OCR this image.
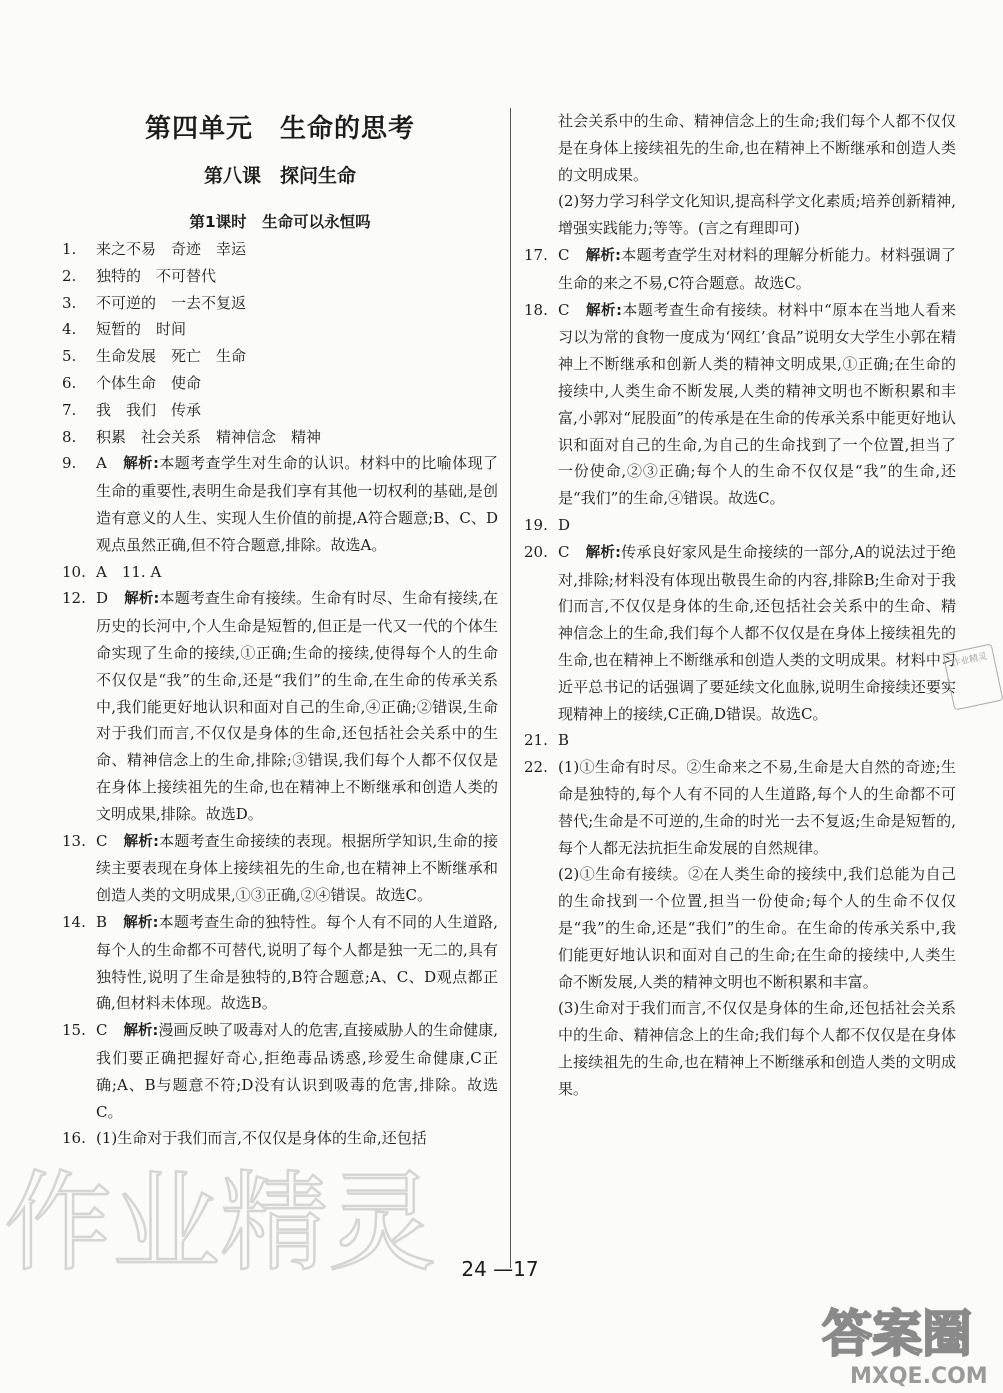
第四单元　生命的思考
第八课　探问生命
第1课时　生命可以永恒吗
1.	来之不易　奇迹　幸运
2.	独特的　不可替代
3.	不可逆的　一去不复返
4.	短暂的　时间
5.	生命发展　死亡　生命
6.	个体生命　使命
7.	我　我们　传承
8.	积累　社会关系　精神信念　精神
9.	A 解析:本题考查学生对生命的认识。材料中的比喻体现了生命的重要性,表明生命是我们享有其他一切权利的基础,是创造有意义的人生、实现人生价值的前提,A符合题意;B、C、D观点虽然正确,但不符合题意,排除。故选A。
10. A　11. A
12. D 解析:本题考查生命有接续。生命有时尽、生命有接续,在历史的长河中,个人生命是短暂的,但正是一代又一代的个体生命实现了生命的接续,①正确;生命的接续,使得每个人的生命不仅仅是“我”的生命,还是“我们”的生命,在生命的传承关系中,我们能更好地认识和面对自己的生命,④正确;②错误,生命对于我们而言,不仅仅是身体的生命,还包括社会关系中的生命、精神信念上的生命,排除;③错误,我们每个人都不仅仅是在身体上接续祖先的生命,也在精神上不断继承和创造人类的文明成果,排除。故选D。
13. C 解析:本题考查生命接续的表现。根据所学知识,生命的接续主要表现在身体上接续祖先的生命,也在精神上不断继承和创造人类的文明成果,①③正确,②④错误。故选C。
14. B 解析:本题考查生命的独特性。每个人有不同的人生道路,每个人的生命都不可替代,说明了每个人都是独一无二的,具有独特性,说明了生命是独特的,B符合题意;A、C、D观点都正确,但材料未体现。故选B。
15. C 解析:漫画反映了吸毒对人的危害,直接威胁人的生命健康,我们要正确把握好奇心,拒绝毒品诱惑,珍爱生命健康,C正确;A、B与题意不符;D没有认识到吸毒的危害,排除。故选C。
16. (1)生命对于我们而言,不仅仅是身体的生命,还包括
社会关系中的生命、精神信念上的生命;我们每个人都不仅仅是在身体上接续祖先的生命,也在精神上不断继承和创造人类的文明成果。
(2)努力学习科学文化知识,提高科学文化素质;培养创新精神,增强实践能力;等等。(言之有理即可)
17. C 解析:本题考查学生对材料的理解分析能力。材料强调了生命的来之不易,C符合题意。故选C。
18. C 解析:本题考查生命有接续。材料中“原本在当地人看来习以为常的食物一度成为‘网红’食品”说明女大学生小郭在精神上不断继承和创新人类的精神文明成果,①正确;在生命的接续中,人类生命不断发展,人类的精神文明也不断积累和丰富,小郭对“屁股面”的传承是在生命的传承关系中能更好地认识和面对自己的生命,为自己的生命找到了一个位置,担当了一份使命,②③正确;每个人的生命不仅仅是“我”的生命,还是“我们”的生命,④错误。故选C。
19. D
20. C 解析:传承良好家风是生命接续的一部分,A的说法过于绝对,排除;材料没有体现出敬畏生命的内容,排除B;生命对于我们而言,不仅仅是身体的生命,还包括社会关系中的生命、精神信念上的生命,我们每个人都不仅仅是在身体上接续祖先的生命,也在精神上不断继承和创造人类的文明成果。材料中习近平总书记的话强调了要延续文化血脉,说明生命接续还要实现精神上的接续,C正确,D错误。故选C。
21. B
22. (1)①生命有时尽。②生命来之不易,生命是大自然的奇迹;生命是独特的,每个人有不同的人生道路,每个人的生命都不可替代;生命是不可逆的,生命的时光一去不复返;生命是短暂的,每个人都无法抗拒生命发展的自然规律。
(2)①生命有接续。②在人类生命的接续中,我们总能为自己的生命找到一个位置,担当一份使命;每个人的生命不仅仅是“我”的生命,还是“我们”的生命。在生命的传承关系中,我们能更好地认识和面对自己的生命;在生命的接续中,人类生命不断发展,人类的精神文明也不断积累和丰富。
(3)生命对于我们而言,不仅仅是身体的生命,还包括社会关系中的生命、精神信念上的生命;我们每个人都不仅仅是在身体上接续祖先的生命,也在精神上不断继承和创造人类的文明成果。
作业精灵
作业精灵
答案圈
MXQE.COM
24 —17
